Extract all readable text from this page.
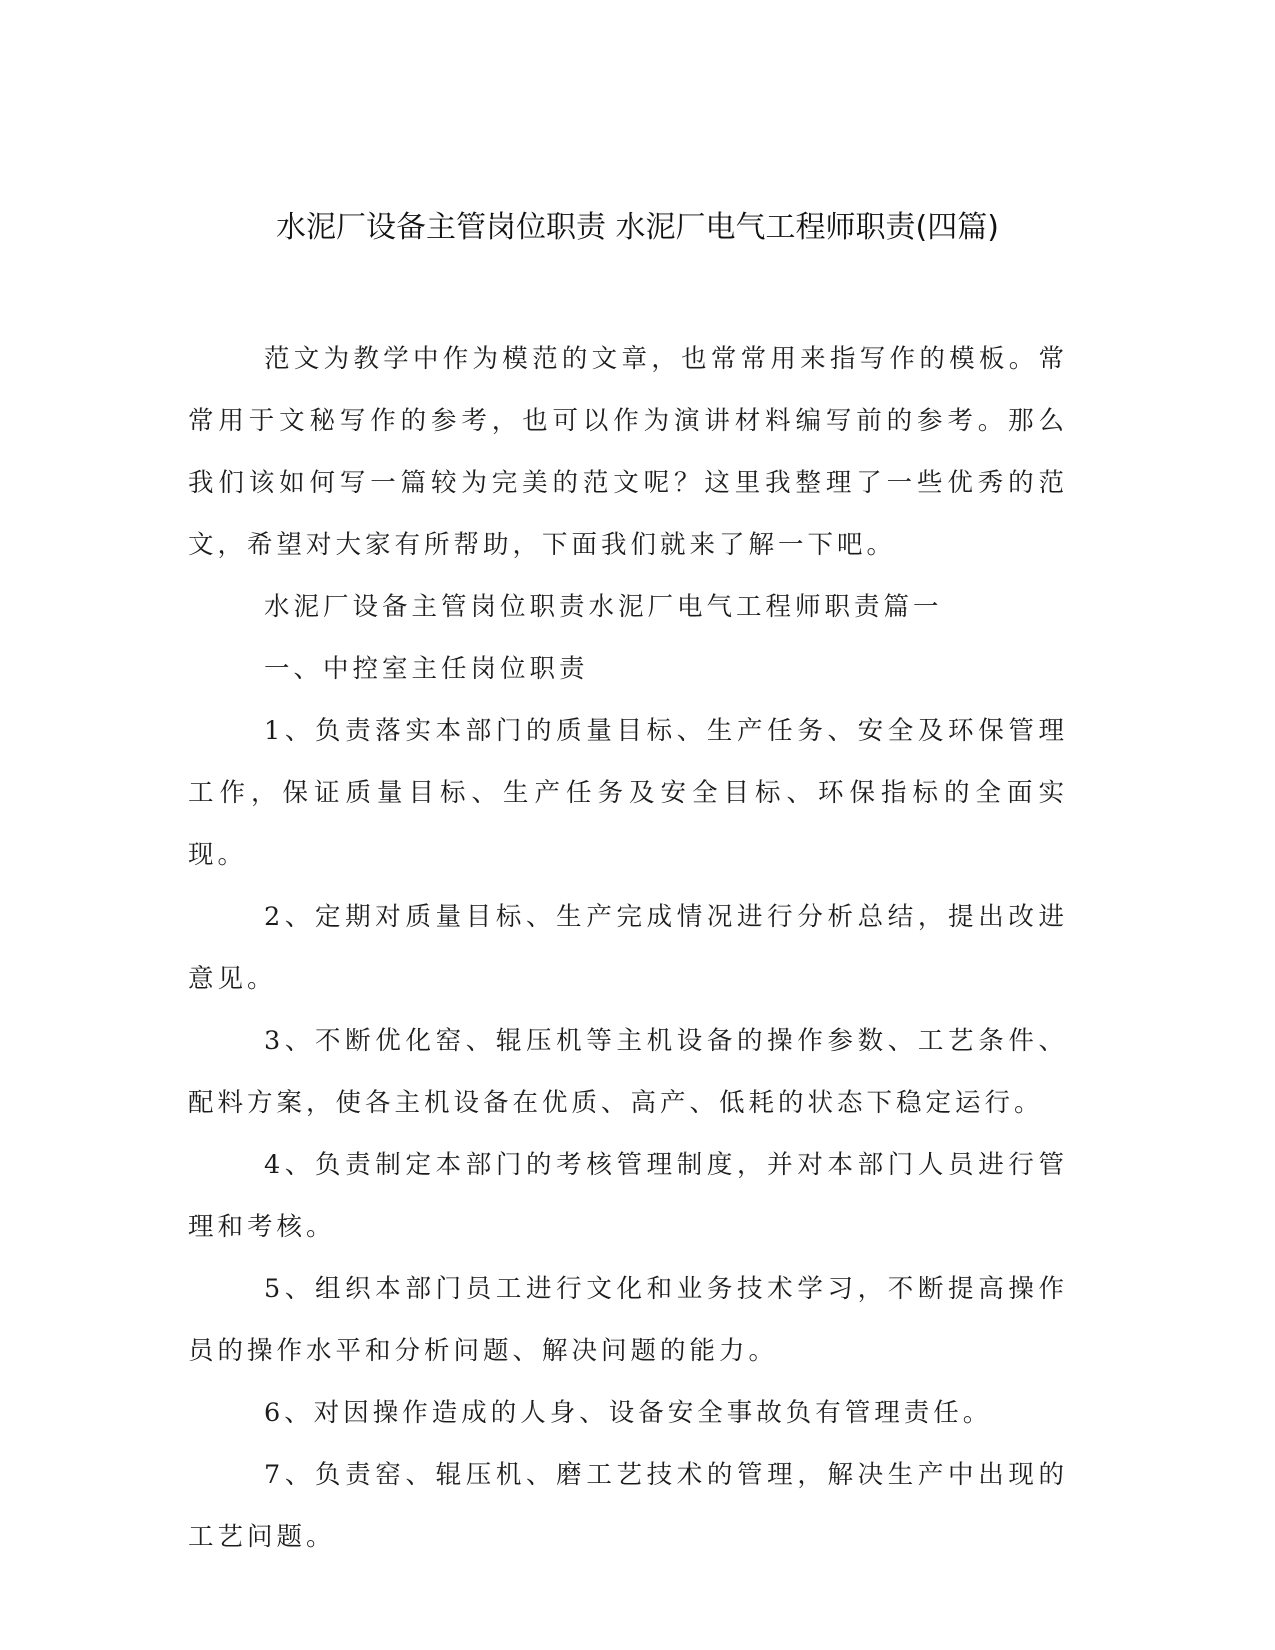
水泥厂设备主管岗位职责 水泥厂电气工程师职责(四篇)

范文为教学中作为模范的文章，也常常用来指写作的模板。常常用于文秘写作的参考，也可以作为演讲材料编写前的参考。那么我们该如何写一篇较为完美的范文呢？这里我整理了一些优秀的范文，希望对大家有所帮助，下面我们就来了解一下吧。

水泥厂设备主管岗位职责水泥厂电气工程师职责篇一

一、中控室主任岗位职责

1、负责落实本部门的质量目标、生产任务、安全及环保管理工作，保证质量目标、生产任务及安全目标、环保指标的全面实现。

2、定期对质量目标、生产完成情况进行分析总结，提出改进意见。

3、不断优化窑、辊压机等主机设备的操作参数、工艺条件、配料方案，使各主机设备在优质、高产、低耗的状态下稳定运行。

4、负责制定本部门的考核管理制度，并对本部门人员进行管理和考核。

5、组织本部门员工进行文化和业务技术学习，不断提高操作员的操作水平和分析问题、解决问题的能力。

6、对因操作造成的人身、设备安全事故负有管理责任。

7、负责窑、辊压机、磨工艺技术的管理，解决生产中出现的工艺问题。
